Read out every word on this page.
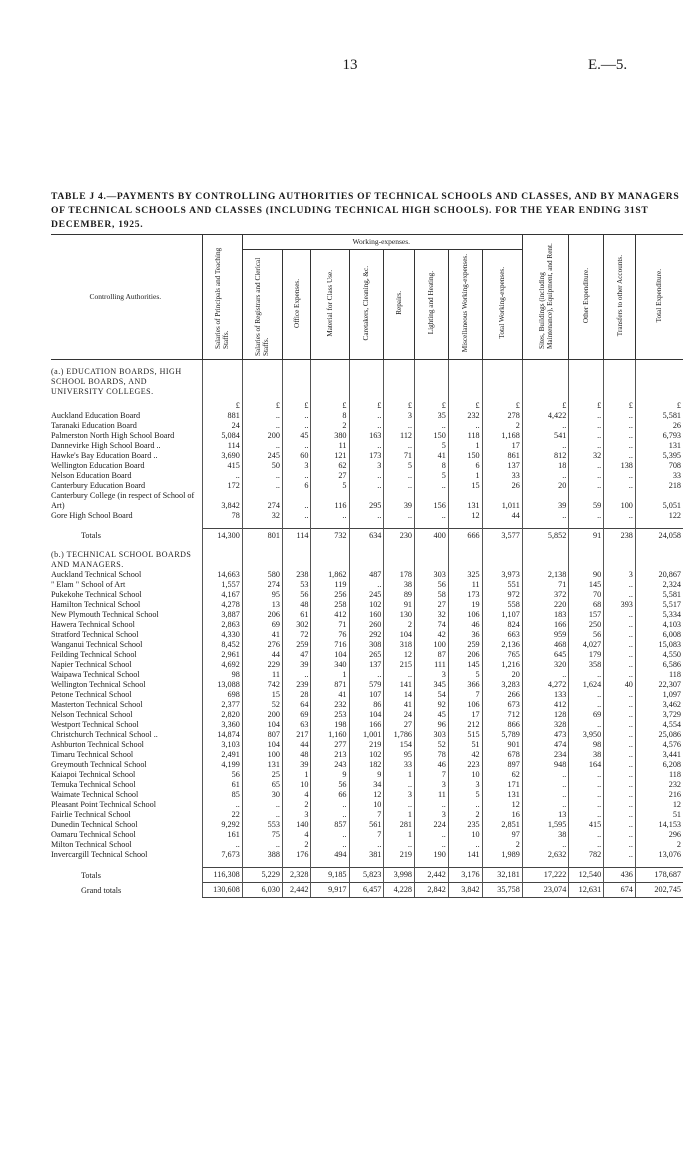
13	E.—5.
TABLE J 4.—PAYMENTS BY CONTROLLING AUTHORITIES OF TECHNICAL SCHOOLS AND CLASSES, AND BY MANAGERS OF TECHNICAL SCHOOLS AND CLASSES (INCLUDING TECHNICAL HIGH SCHOOLS). FOR THE YEAR ENDING 31ST DECEMBER, 1925.
Controlling Authorities.	Salaries of Principals and Teaching Staffs.	Working-expenses.								Sites, Buildings (including Maintenance), Equipment, and Rent.	Other Expenditure.	Transfers to other Accounts.	Total Expenditure.
		Salaries of Registrars and Clerical Staffs.	Office Expenses.	Material for Class Use.	Caretakers, Cleaning, &c.	Repairs.	Lighting and Heating.	Miscellaneous Working-expenses.	Total Working-expenses.				

(a.) EDUCATION BOARDS, HIGH SCHOOL BOARDS, AND UNIVERSITY COLLEGES.													

	£	£	£	£	£	£	£	£	£	£	£	£	£

Auckland Education Board	881	..	..	8	..	3	35	232	278	4,422	..	..	5,581

Taranaki Education Board	24	..	..	2	..	..	..	..	2	..	..	..	26

Palmerston North High School Board	5,084	200	45	380	163	112	150	118	1,168	541	..	..	6,793

Dannevirke High School Board ..	114	..	..	11	..	..	5	1	17	..	..	..	131

Hawke's Bay Education Board ..	3,690	245	60	121	173	71	41	150	861	812	32	..	5,395

Wellington Education Board	415	50	3	62	3	5	8	6	137	18	..	138	708

Nelson Education Board	..	..	..	27	..	..	5	1	33	..	..	..	33

Canterbury Education Board	172	..	6	5	..	..	..	15	26	20	..	..	218

Canterbury College (in respect of School of Art)	3,842	274	..	116	295	39	156	131	1,011	39	59	100	5,051

Gore High School Board	78	32	..	..	..	..	..	12	44	..	..	..	122

Totals	14,300	801	114	732	634	230	400	666	3,577	5,852	91	238	24,058

(b.) TECHNICAL SCHOOL BOARDS AND MANAGERS.													

Auckland Technical School	14,663	580	238	1,862	487	178	303	325	3,973	2,138	90	3	20,867

" Elam " School of Art	1,557	274	53	119	..	38	56	11	551	71	145	..	2,324

Pukekohe Technical School	4,167	95	56	256	245	89	58	173	972	372	70	..	5,581

Hamilton Technical School	4,278	13	48	258	102	91	27	19	558	220	68	393	5,517

New Plymouth Technical School	3,887	206	61	412	160	130	32	106	1,107	183	157	..	5,334

Hawera Technical School	2,863	69	302	71	260	2	74	46	824	166	250	..	4,103

Stratford Technical School	4,330	41	72	76	292	104	42	36	663	959	56	..	6,008

Wanganui Technical School	8,452	276	259	716	308	318	100	259	2,136	468	4,027	..	15,083

Feilding Technical School	2,961	44	47	104	265	12	87	206	765	645	179	..	4,550

Napier Technical School	4,692	229	39	340	137	215	111	145	1,216	320	358	..	6,586

Waipawa Technical School	98	11	..	1	..	..	3	5	20	..	..	..	118

Wellington Technical School	13,088	742	239	871	579	141	345	366	3,283	4,272	1,624	40	22,307

Petone Technical School	698	15	28	41	107	14	54	7	266	133	..	..	1,097

Masterton Technical School	2,377	52	64	232	86	41	92	106	673	412	..	..	3,462

Nelson Technical School	2,820	200	69	253	104	24	45	17	712	128	69	..	3,729

Westport Technical School	3,360	104	63	198	166	27	96	212	866	328	..	..	4,554

Christchurch Technical School ..	14,874	807	217	1,160	1,001	1,786	303	515	5,789	473	3,950	..	25,086

Ashburton Technical School	3,103	104	44	277	219	154	52	51	901	474	98	..	4,576

Timaru Technical School	2,491	100	48	213	102	95	78	42	678	234	38	..	3,441

Greymouth Technical School	4,199	131	39	243	182	33	46	223	897	948	164	..	6,208

Kaiapoi Technical School	56	25	1	9	9	1	7	10	62	..	..	..	118

Temuka Technical School	61	65	10	56	34	..	3	3	171	..	..	..	232

Waimate Technical School	85	30	4	66	12	3	11	5	131	..	..	..	216

Pleasant Point Technical School	..	..	2	..	10	..	..	..	12	..	..	..	12

Fairlie Technical School	22	..	3	..	7	1	3	2	16	13	..	..	51

Dunedin Technical School	9,292	553	140	857	561	281	224	235	2,851	1,595	415	..	14,153

Oamaru Technical School	161	75	4	..	7	1	..	10	97	38	..	..	296

Milton Technical School	..	..	2	..	..	..	..	..	2	..	..	..	2

Invercargill Technical School	7,673	388	176	494	381	219	190	141	1,989	2,632	782	..	13,076

Totals	116,308	5,229	2,328	9,185	5,823	3,998	2,442	3,176	32,181	17,222	12,540	436	178,687

Grand totals	130,608	6,030	2,442	9,917	6,457	4,228	2,842	3,842	35,758	23,074	12,631	674	202,745
